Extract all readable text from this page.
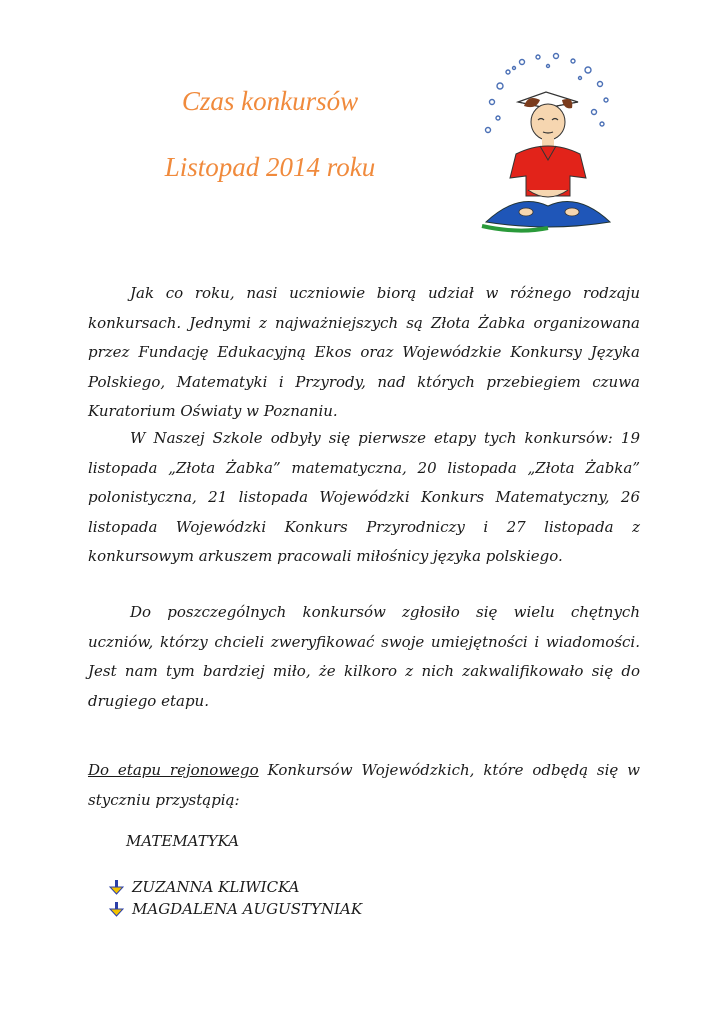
Czas konkursów
Listopad 2014 roku

Jak co roku, nasi uczniowie biorą udział w różnego rodzaju konkursach. Jednymi z najważniejszych są Złota Żabka organizowana przez Fundację Edukacyjną Ekos oraz Wojewódzkie Konkursy Języka Polskiego, Matematyki i Przyrody, nad których przebiegiem czuwa Kuratorium Oświaty w Poznaniu.

W Naszej Szkole odbyły się pierwsze etapy tych konkursów: 19 listopada „Złota Żabka” matematyczna, 20 listopada „Złota Żabka” polonistyczna, 21 listopada Wojewódzki Konkurs Matematyczny, 26 listopada Wojewódzki Konkurs Przyrodniczy i 27 listopada z konkursowym arkuszem pracowali miłośnicy języka polskiego.

Do poszczególnych konkursów zgłosiło się wielu chętnych uczniów, którzy chcieli zweryfikować swoje umiejętności i wiadomości. Jest nam tym bardziej miło, że kilkoro z nich zakwalifikowało się do drugiego etapu.

Do etapu rejonowego Konkursów Wojewódzkich, które odbędą się w styczniu przystąpią:

MATEMATYKA

ZUZANNA KLIWICKA
MAGDALENA AUGUSTYNIAK
